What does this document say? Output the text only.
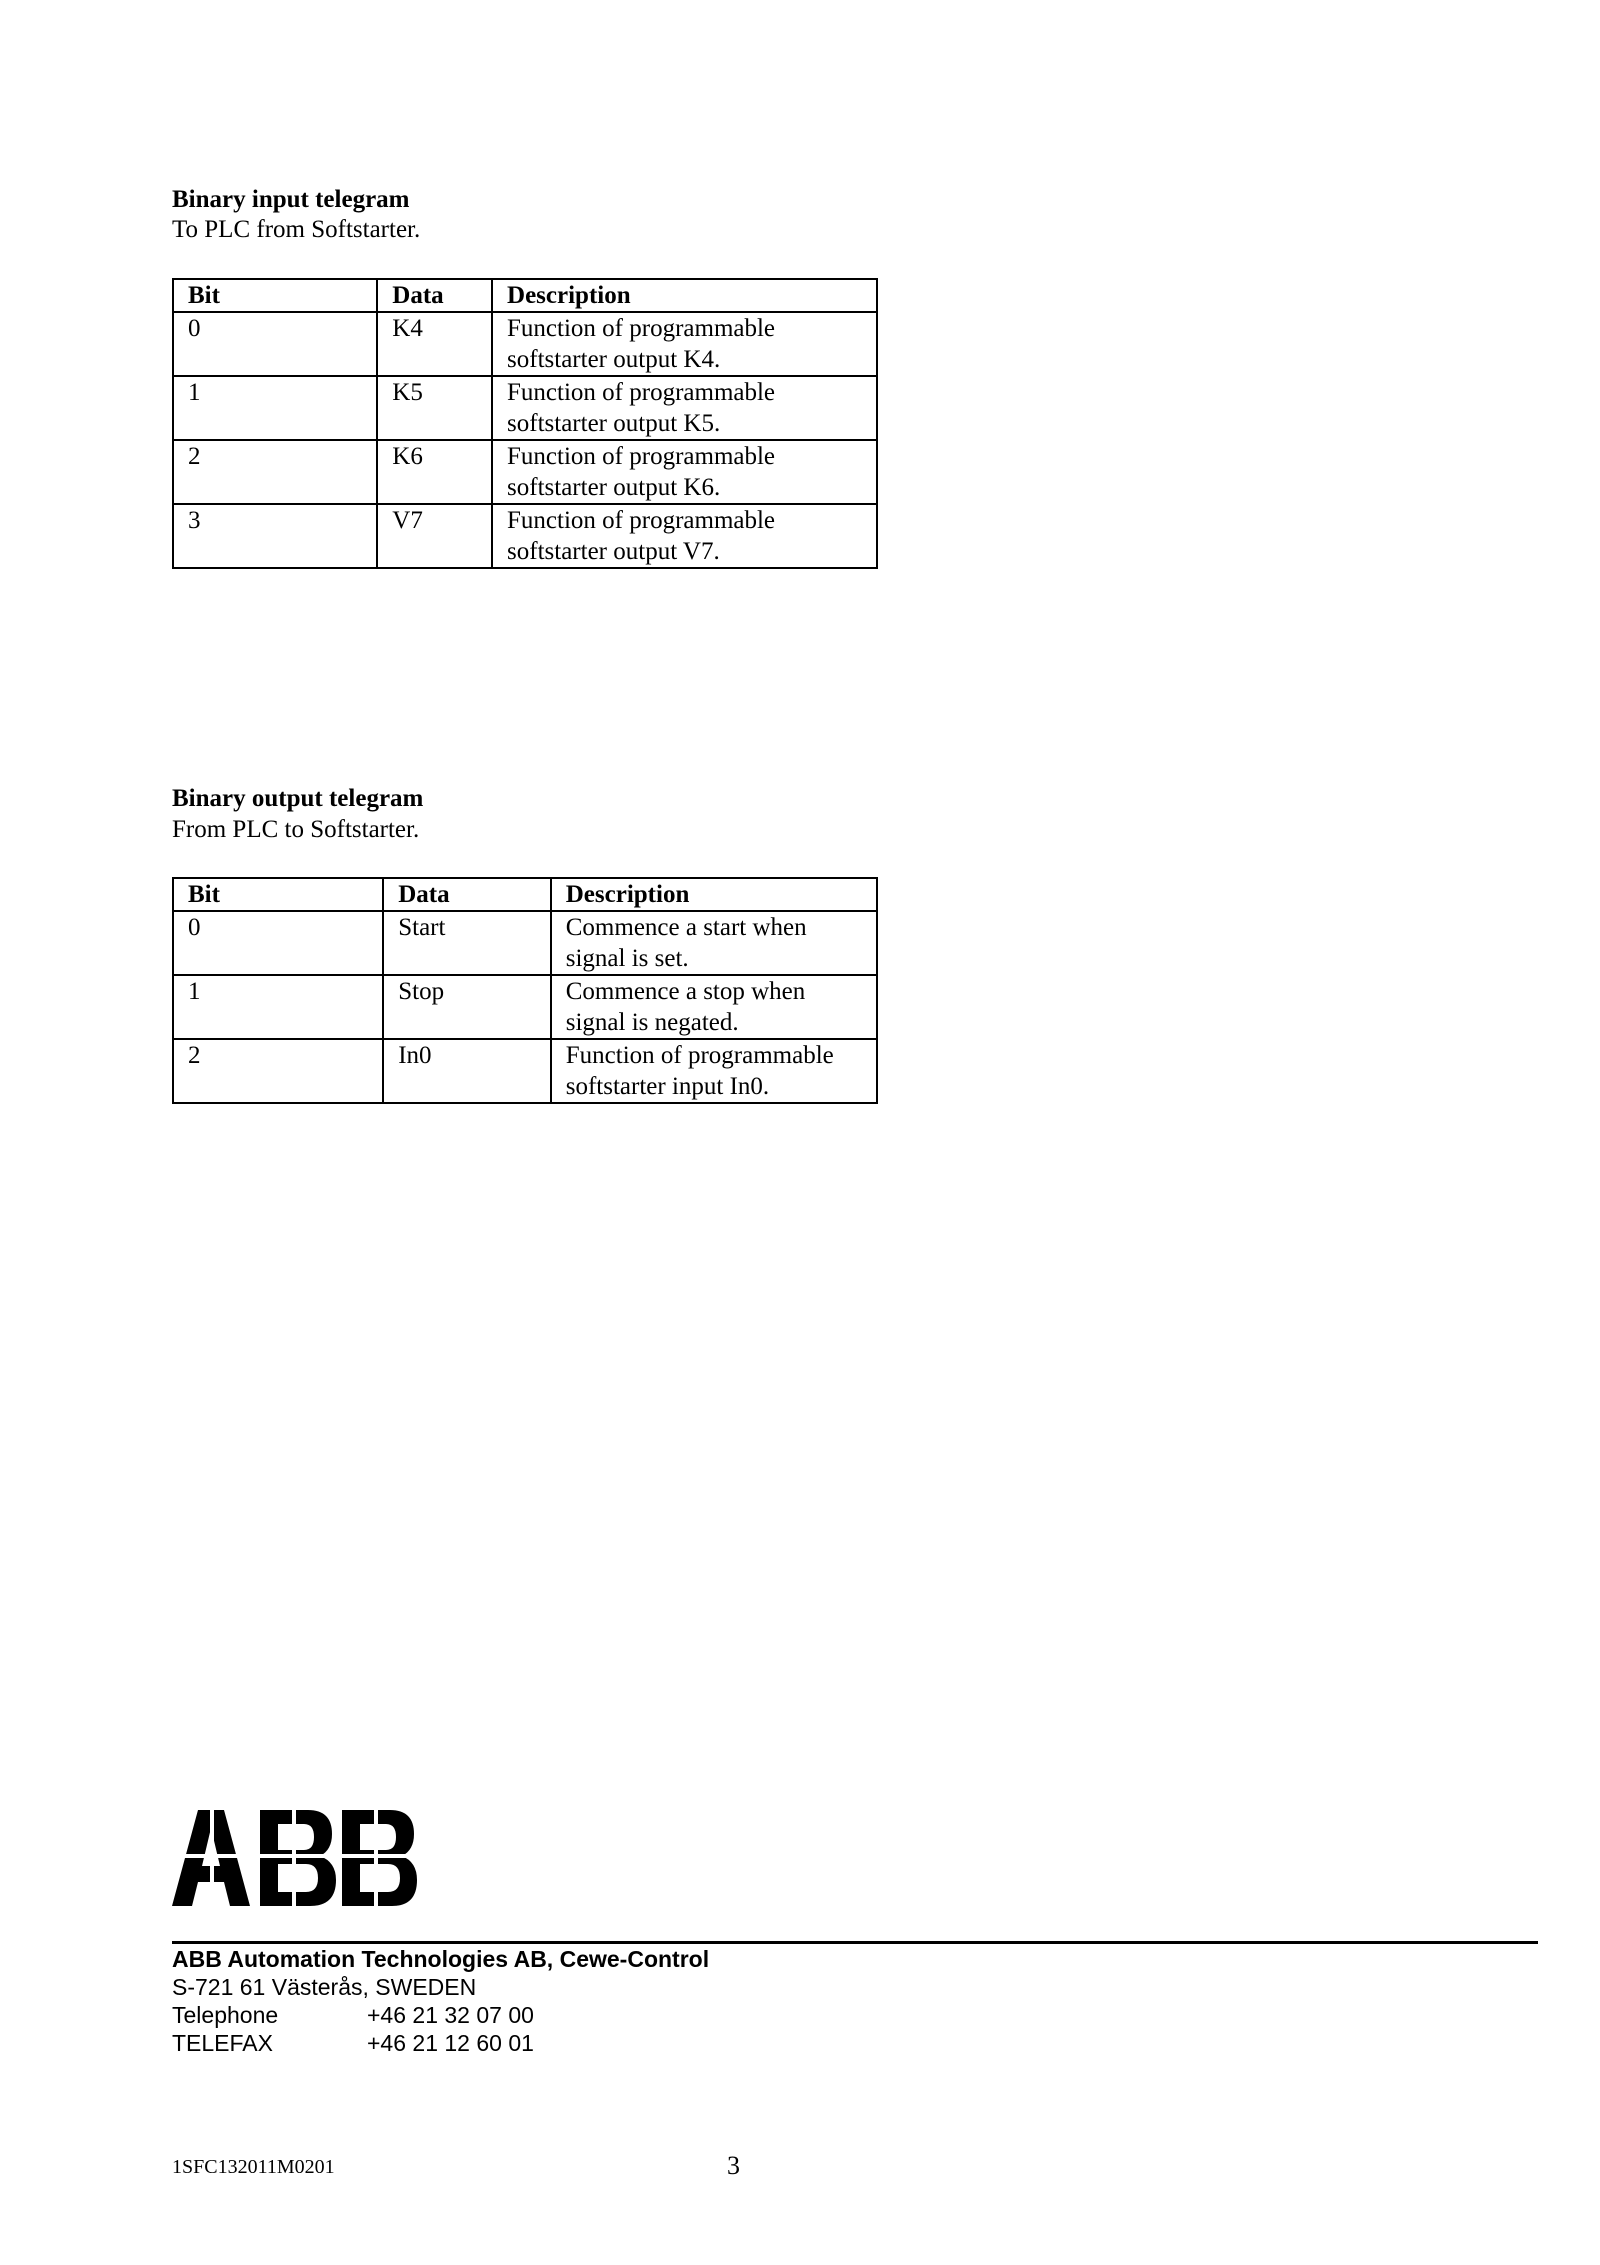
Binary input telegram
To PLC from Softstarter.
Bit	Data	Description
0	K4	Function of programmable
softstarter output K4.

1	K5	Function of programmable
softstarter output K5.

2	K6	Function of programmable
softstarter output K6.

3	V7	Function of programmable
softstarter output V7.
Binary output telegram
From PLC to Softstarter.
Bit	Data	Description
0	Start	Commence a start when
signal is set.

1	Stop	Commence a stop when
signal is negated.

2	In0	Function of programmable
softstarter input In0.
ABB Automation Technologies AB, Cewe-Control
S-721 61 Västerås, SWEDEN
Telephone	+46 21 32 07 00
TELEFAX	+46 21 12 60 01
1SFC132011M0201	3
